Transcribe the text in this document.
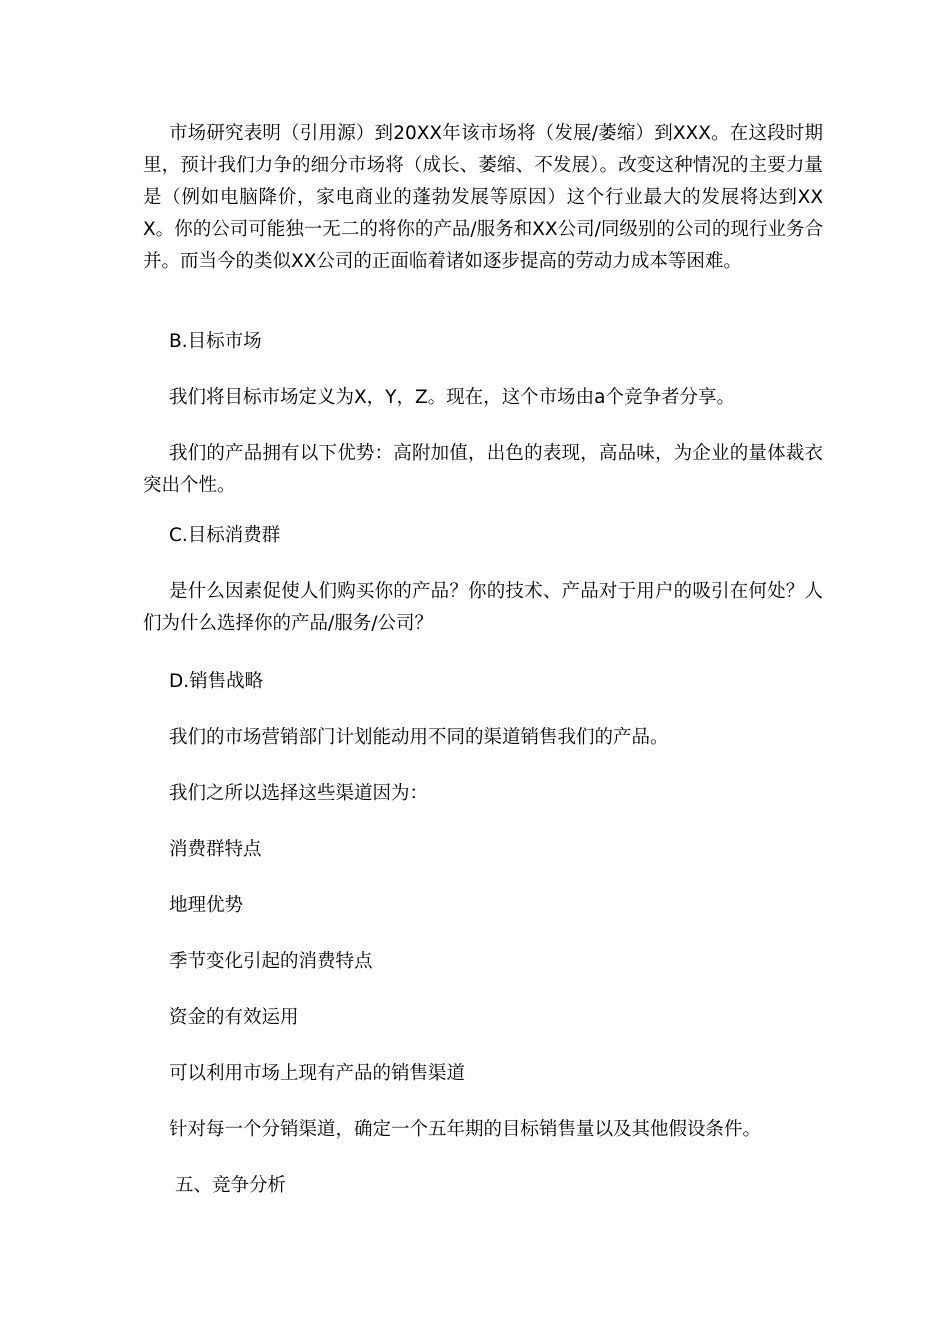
市场研究表明（引用源）到20XX年该市场将（发展/萎缩）到XXX。在这段时期里，预计我们力争的细分市场将（成长、萎缩、不发展）。改变这种情况的主要力量是（例如电脑降价，家电商业的蓬勃发展等原因）这个行业最大的发展将达到XXX。你的公司可能独一无二的将你的产品/服务和XX公司/同级别的公司的现行业务合并。而当今的类似XX公司的正面临着诸如逐步提高的劳动力成本等困难。

B.目标市场

我们将目标市场定义为X，Y，Z。现在，这个市场由a个竞争者分享。

我们的产品拥有以下优势：高附加值，出色的表现，高品味，为企业的量体裁衣突出个性。

C.目标消费群

是什么因素促使人们购买你的产品？你的技术、产品对于用户的吸引在何处？人们为什么选择你的产品/服务/公司？

D.销售战略

我们的市场营销部门计划能动用不同的渠道销售我们的产品。

我们之所以选择这些渠道因为：

消费群特点

地理优势

季节变化引起的消费特点

资金的有效运用

可以利用市场上现有产品的销售渠道

针对每一个分销渠道，确定一个五年期的目标销售量以及其他假设条件。

五、竞争分析
